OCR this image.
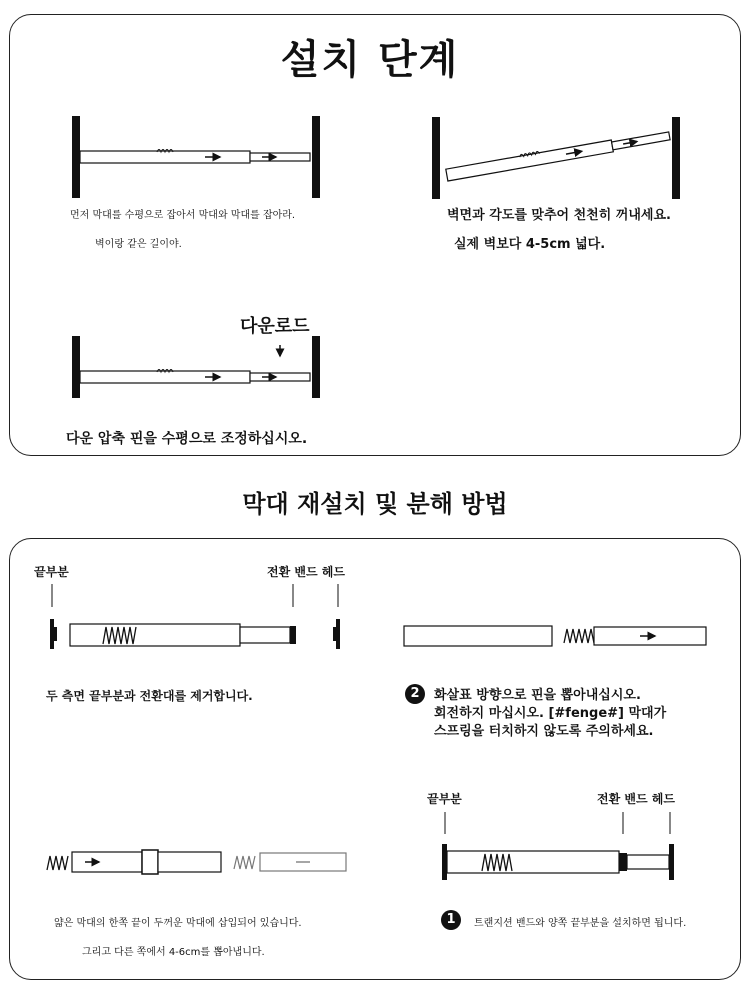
설치 단계
먼저 막대를 수평으로 잡아서 막대와 막대를 잡아라.
벽이랑 같은 길이야.
벽면과 각도를 맞추어 천천히 꺼내세요.
실제 벽보다 4-5cm 넓다.
다운로드
다운 압축 핀을 수평으로 조정하십시오.
막대 재설치 및 분해 방법
끝부분	전환 밴드 헤드
두 측면 끝부분과 전환대를 제거합니다.	2	화살표 방향으로 핀을 뽑아내십시오.
회전하지 마십시오. [#fenge#] 막대가
스프링을 터치하지 않도록 주의하세요.
끝부분	전환 밴드 헤드
얇은 막대의 한쪽 끝이 두꺼운 막대에 삽입되어 있습니다.
그리고 다른 쪽에서 4-6cm를 뽑아냅니다.
1	트랜지션 밴드와 양쪽 끝부분을 설치하면 됩니다.
